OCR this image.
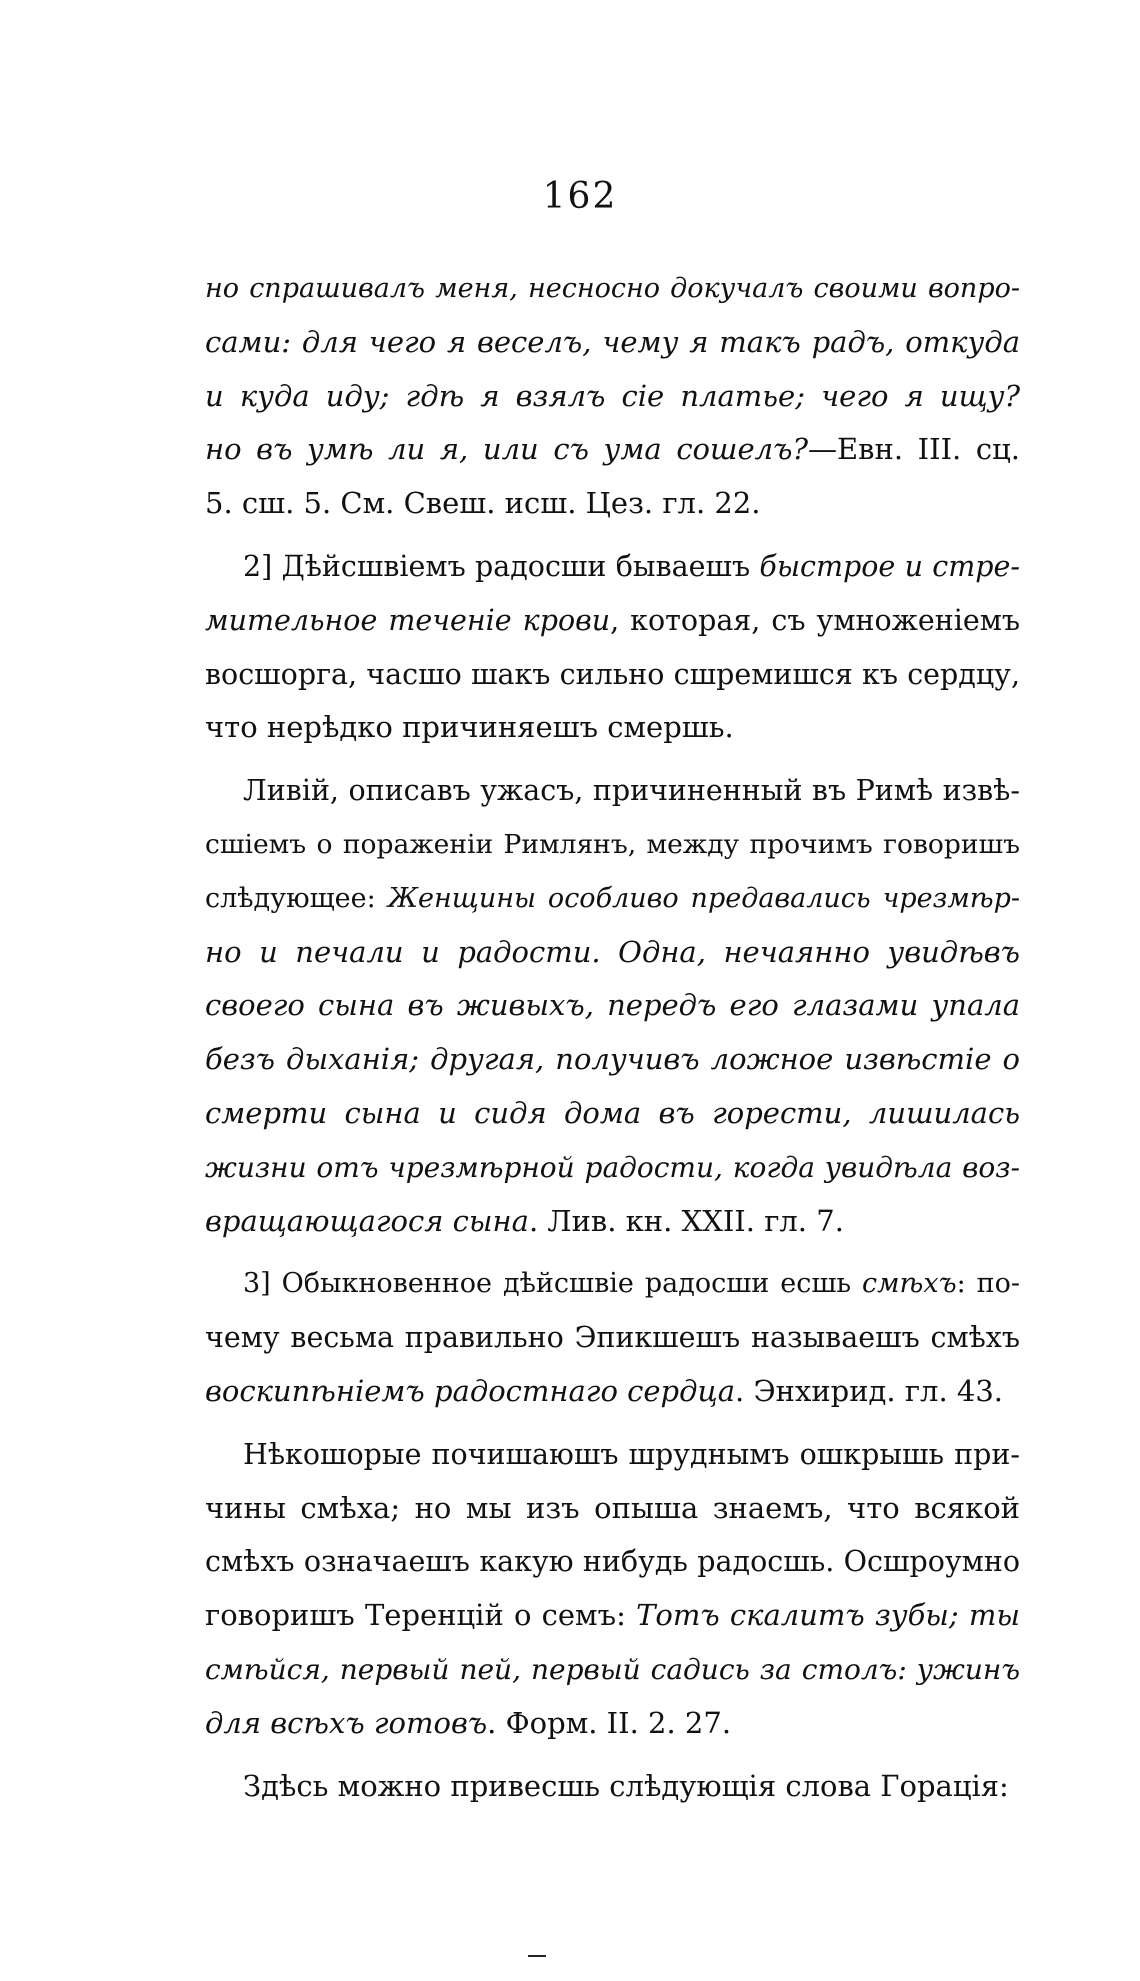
162
но спрашивалъ меня, несносно докучалъ своими вопро-
сами: для чего я веселъ, чему я такъ радъ, откуда
и куда иду; гдѣ я взялъ сіе платье; чего я ищу?
но въ умѣ ли я, или съ ума сошелъ?—Евн. III. сц.
5. сш. 5. См. Свеш. исш. Цез. гл. 22.
2] Дѣйсшвіемъ радосши бываешъ быстрое и стре-
мительное теченіе крови, которая, съ умноженіемъ
восшорга, часшо шакъ сильно сшремишся къ сердцу,
что нерѣдко причиняешъ смершь.
Ливій, описавъ ужасъ, причиненный въ Римѣ извѣ-
сшіемъ о пораженіи Римлянъ, между прочимъ говоришъ
слѣдующее: Женщины особливо предавались чрезмѣр-
но и печали и радости. Одна, нечаянно увидѣвъ
своего сына въ живыхъ, передъ его глазами упала
безъ дыханія; другая, получивъ ложное извѣстіе о
смерти сына и сидя дома въ горести, лишилась
жизни отъ чрезмѣрной радости, когда увидѣла воз-
вращающагося сына. Лив. кн. XXII. гл. 7.
3] Обыкновенное дѣйсшвіе радосши есшь смѣхъ: по-
чему весьма правильно Эпикшешъ называешъ смѣхъ
воскипѣніемъ радостнаго сердца. Энхирид. гл. 43.
Нѣкошорые почишаюшъ шруднымъ ошкрышь при-
чины смѣха; но мы изъ опыша знаемъ, что всякой
смѣхъ означаешъ какую нибудь радосшь. Осшроумно
говоришъ Теренцій о семъ: Тотъ скалитъ зубы; ты
смѣйся, первый пей, первый садись за столъ: ужинъ
для всѣхъ готовъ. Форм. II. 2. 27.
Здѣсь можно привесшь слѣдующія слова Горація:
